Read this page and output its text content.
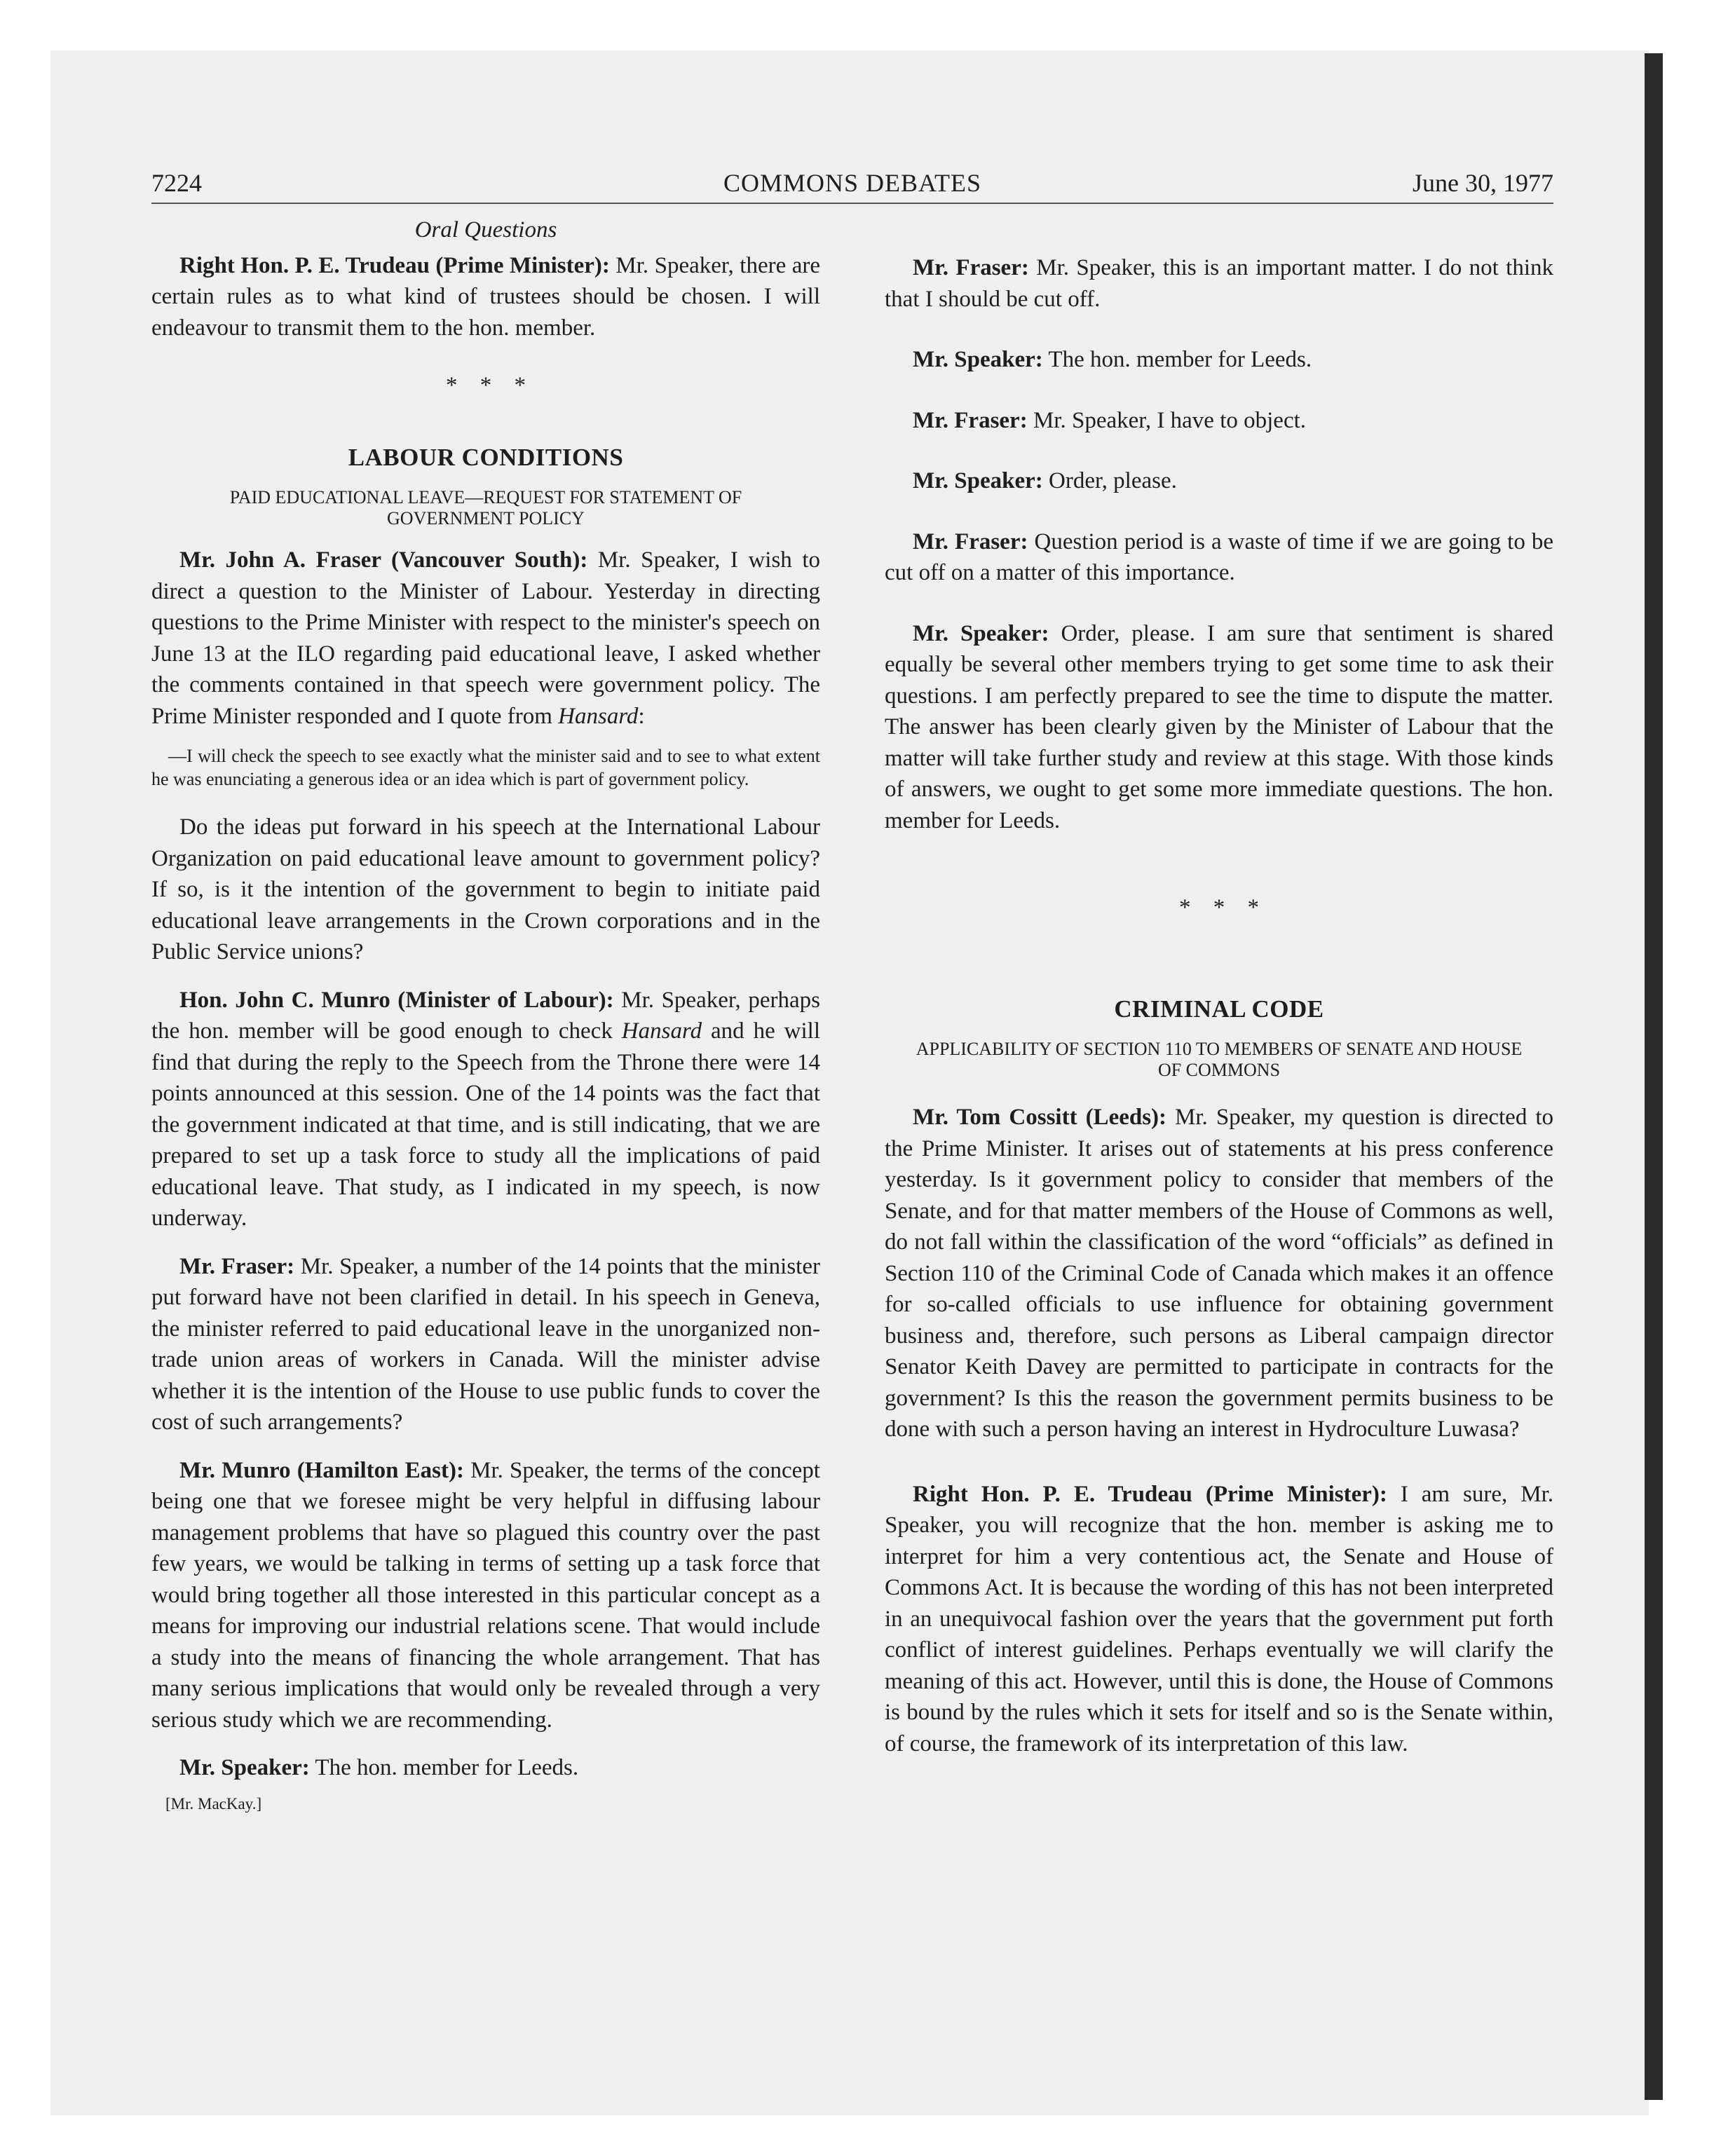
7224	COMMONS DEBATES	June 30, 1977

Oral Questions

Right Hon. P. E. Trudeau (Prime Minister): Mr. Speaker, there are certain rules as to what kind of trustees should be chosen. I will endeavour to transmit them to the hon. member.

* * *

LABOUR CONDITIONS

PAID EDUCATIONAL LEAVE—REQUEST FOR STATEMENT OF GOVERNMENT POLICY

Mr. John A. Fraser (Vancouver South): Mr. Speaker, I wish to direct a question to the Minister of Labour. Yesterday in directing questions to the Prime Minister with respect to the minister's speech on June 13 at the ILO regarding paid educational leave, I asked whether the comments contained in that speech were government policy. The Prime Minister responded and I quote from Hansard:

—I will check the speech to see exactly what the minister said and to see to what extent he was enunciating a generous idea or an idea which is part of government policy.

Do the ideas put forward in his speech at the International Labour Organization on paid educational leave amount to government policy? If so, is it the intention of the government to begin to initiate paid educational leave arrangements in the Crown corporations and in the Public Service unions?

Hon. John C. Munro (Minister of Labour): Mr. Speaker, perhaps the hon. member will be good enough to check Hansard and he will find that during the reply to the Speech from the Throne there were 14 points announced at this session. One of the 14 points was the fact that the government indicated at that time, and is still indicating, that we are prepared to set up a task force to study all the implications of paid educational leave. That study, as I indicated in my speech, is now underway.

Mr. Fraser: Mr. Speaker, a number of the 14 points that the minister put forward have not been clarified in detail. In his speech in Geneva, the minister referred to paid educational leave in the unorganized non-trade union areas of workers in Canada. Will the minister advise whether it is the intention of the House to use public funds to cover the cost of such arrangements?

Mr. Munro (Hamilton East): Mr. Speaker, the terms of the concept being one that we foresee might be very helpful in diffusing labour management problems that have so plagued this country over the past few years, we would be talking in terms of setting up a task force that would bring together all those interested in this particular concept as a means for improving our industrial relations scene. That would include a study into the means of financing the whole arrangement. That has many serious implications that would only be revealed through a very serious study which we are recommending.

Mr. Speaker: The hon. member for Leeds.

[Mr. MacKay.]

Mr. Fraser: Mr. Speaker, this is an important matter. I do not think that I should be cut off.

Mr. Speaker: The hon. member for Leeds.

Mr. Fraser: Mr. Speaker, I have to object.

Mr. Speaker: Order, please.

Mr. Fraser: Question period is a waste of time if we are going to be cut off on a matter of this importance.

Mr. Speaker: Order, please. I am sure that sentiment is shared equally be several other members trying to get some time to ask their questions. I am perfectly prepared to see the time to dispute the matter. The answer has been clearly given by the Minister of Labour that the matter will take further study and review at this stage. With those kinds of answers, we ought to get some more immediate questions. The hon. member for Leeds.

* * *

CRIMINAL CODE

APPLICABILITY OF SECTION 110 TO MEMBERS OF SENATE AND HOUSE OF COMMONS

Mr. Tom Cossitt (Leeds): Mr. Speaker, my question is directed to the Prime Minister. It arises out of statements at his press conference yesterday. Is it government policy to consider that members of the Senate, and for that matter members of the House of Commons as well, do not fall within the classification of the word “officials” as defined in Section 110 of the Criminal Code of Canada which makes it an offence for so-called officials to use influence for obtaining government business and, therefore, such persons as Liberal campaign director Senator Keith Davey are permitted to participate in contracts for the government? Is this the reason the government permits business to be done with such a person having an interest in Hydroculture Luwasa?

Right Hon. P. E. Trudeau (Prime Minister): I am sure, Mr. Speaker, you will recognize that the hon. member is asking me to interpret for him a very contentious act, the Senate and House of Commons Act. It is because the wording of this has not been interpreted in an unequivocal fashion over the years that the government put forth conflict of interest guidelines. Perhaps eventually we will clarify the meaning of this act. However, until this is done, the House of Commons is bound by the rules which it sets for itself and so is the Senate within, of course, the framework of its interpretation of this law.
